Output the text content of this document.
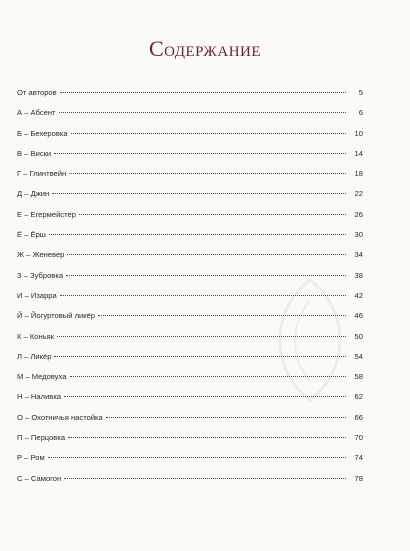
Содержание
От авторов	5
А – Абсент	6
Б – Бехеровка	10
В – Виски	14
Г – Глинтвейн	18
Д – Джин	22
Е – Егермейстер	26
Ё – Ёрш	30
Ж – Женевер	34
З – Зубровка	38
И – Изарра	42
Й – Йогуртовый ликёр	46
К – Коньяк	50
Л – Ликёр	54
М – Медовуха	58
Н – Наливка	62
О – Охотничья настойка	66
П – Перцовка	70
Р – Ром	74
С – Самогон	78
